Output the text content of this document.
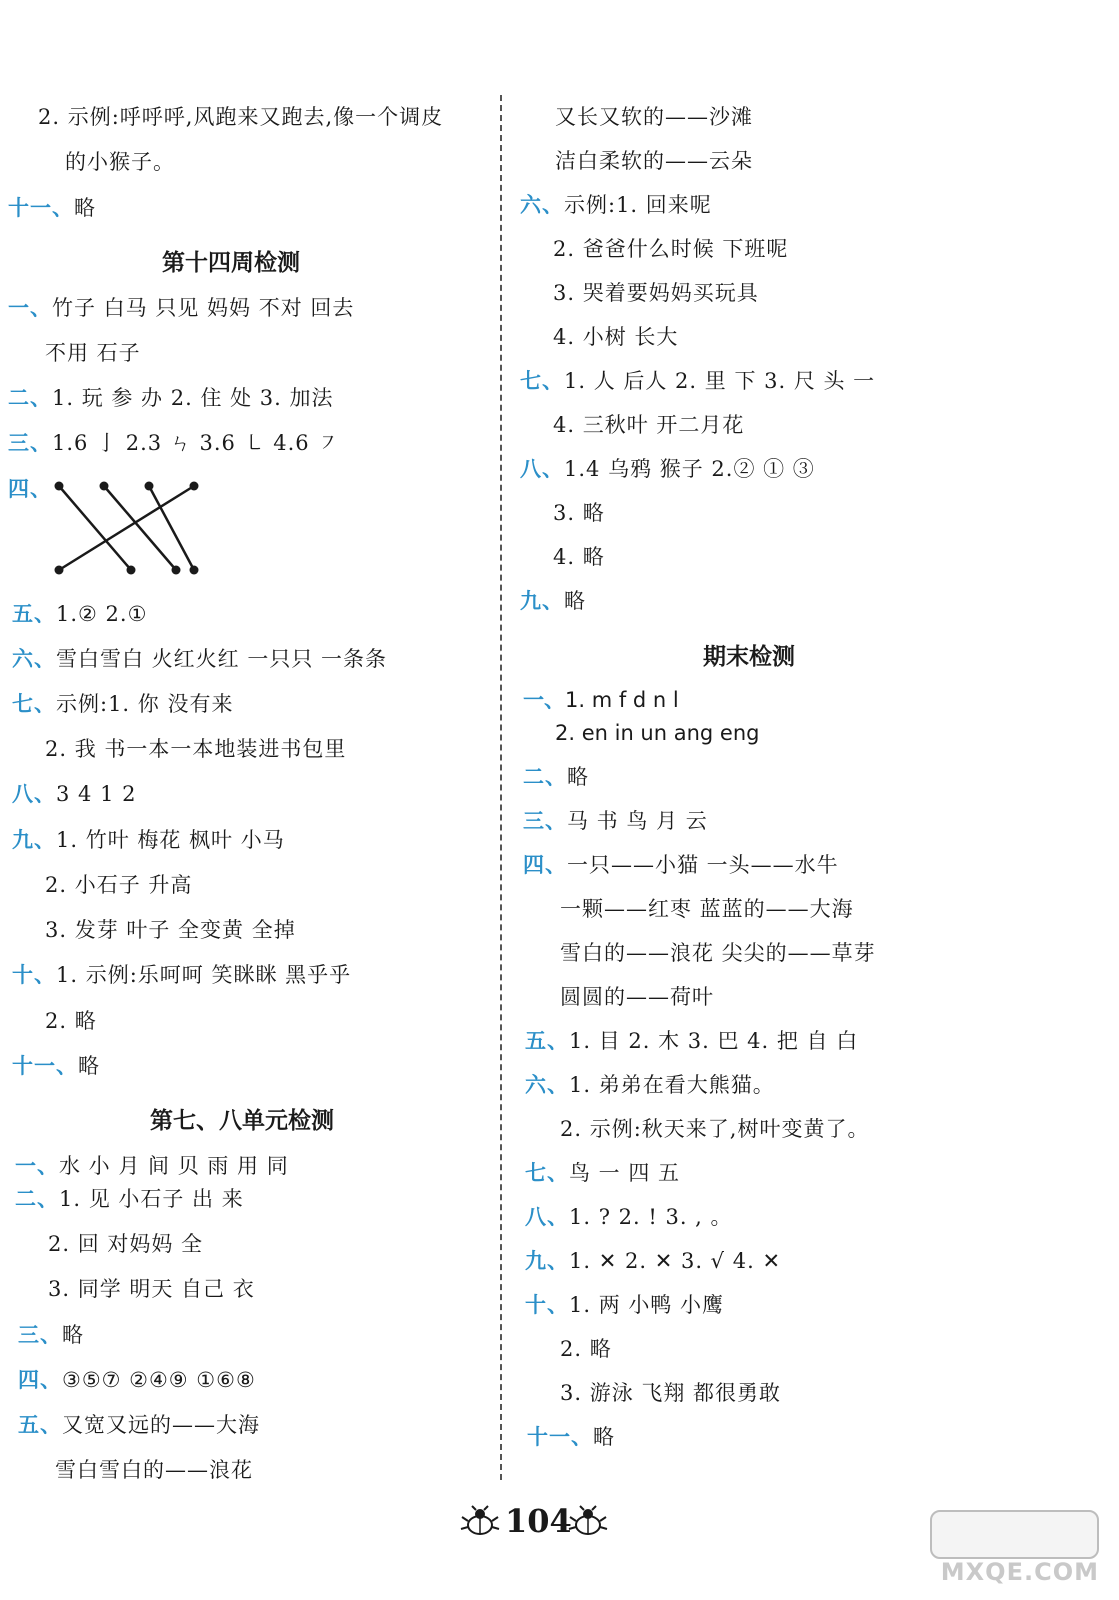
2. 示例:呼呼呼,风跑来又跑去,像一个调皮
的小猴子。
十一、略
第十四周检测
一、竹子 白马 只见 妈妈 不对 回去
不用 石子
二、1. 玩 参 办 2. 住 处 3. 加法
三、1.6 亅 2.3 ㄣ 3.6 ㇄ 4.6 ㇇
四、
五、1.② 2.①
六、雪白雪白 火红火红 一只只 一条条
七、示例:1. 你 没有来
2. 我 书一本一本地装进书包里
八、3 4 1 2
九、1. 竹叶 梅花 枫叶 小马
2. 小石子 升高
3. 发芽 叶子 全变黄 全掉
十、1. 示例:乐呵呵 笑眯眯 黑乎乎
2. 略
十一、略
第七、八单元检测
一、水 小 月 间 贝 雨 用 同
二、1. 见 小石子 出 来
2. 回 对妈妈 全
3. 同学 明天 自己 衣
三、略
四、③⑤⑦ ②④⑨ ①⑥⑧
五、又宽又远的——大海
雪白雪白的——浪花
又长又软的——沙滩
洁白柔软的——云朵
六、示例:1. 回来呢
2. 爸爸什么时候 下班呢
3. 哭着要妈妈买玩具
4. 小树 长大
七、1. 人 后人 2. 里 下 3. 尺 头 一
4. 三秋叶 开二月花
八、1.4 乌鸦 猴子 2.② ① ③
3. 略
4. 略
九、略
期末检测
一、1. m f d n l
2. en in un ang eng
二、略
三、马 书 鸟 月 云
四、一只——小猫 一头——水牛
一颗——红枣 蓝蓝的——大海
雪白的——浪花 尖尖的——草芽
圆圆的——荷叶
五、1. 目 2. 木 3. 巴 4. 把 自 白
六、1. 弟弟在看大熊猫。
2. 示例:秋天来了,树叶变黄了。
七、鸟 一 四 五
八、1. ? 2. ! 3. , 。
九、1. ✕ 2. ✕ 3. √ 4. ✕
十、1. 两 小鸭 小鹰
2. 略
3. 游泳 飞翔 都很勇敢
十一、略
104
MXQE.COM
